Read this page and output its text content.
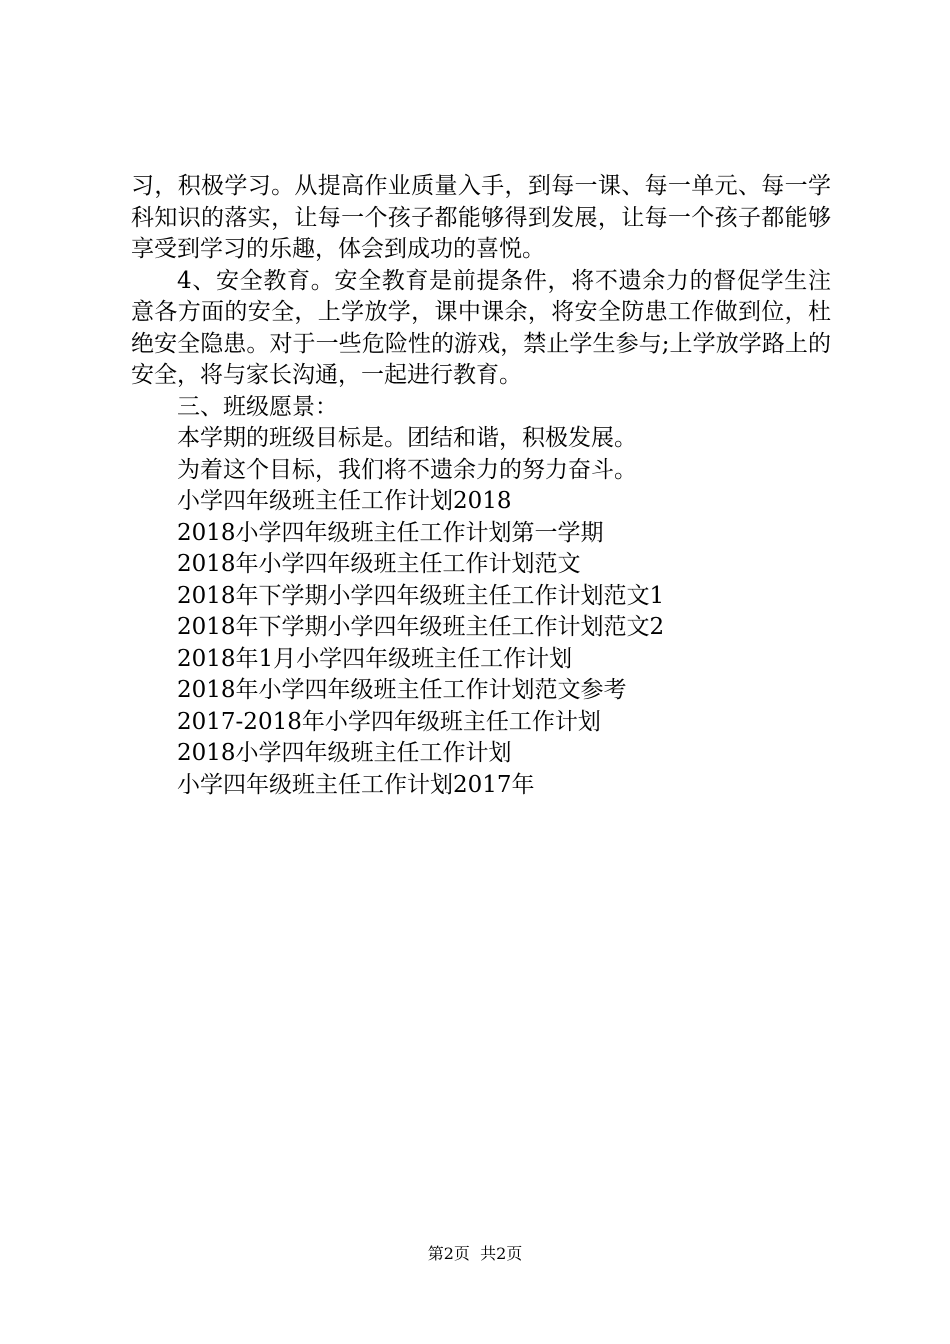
习，积极学习。从提高作业质量入手，到每一课、每一单元、每一学科知识的落实，让每一个孩子都能够得到发展，让每一个孩子都能够享受到学习的乐趣，体会到成功的喜悦。

4、安全教育。安全教育是前提条件，将不遗余力的督促学生注意各方面的安全，上学放学，课中课余，将安全防患工作做到位，杜绝安全隐患。对于一些危险性的游戏，禁止学生参与;上学放学路上的安全，将与家长沟通，一起进行教育。

三、班级愿景：

本学期的班级目标是。团结和谐，积极发展。

为着这个目标，我们将不遗余力的努力奋斗。

小学四年级班主任工作计划2018

2018小学四年级班主任工作计划第一学期

2018年小学四年级班主任工作计划范文

2018年下学期小学四年级班主任工作计划范文1

2018年下学期小学四年级班主任工作计划范文2

2018年1月小学四年级班主任工作计划

2018年小学四年级班主任工作计划范文参考

2017-2018年小学四年级班主任工作计划

2018小学四年级班主任工作计划

小学四年级班主任工作计划2017年

第2页  共2页
